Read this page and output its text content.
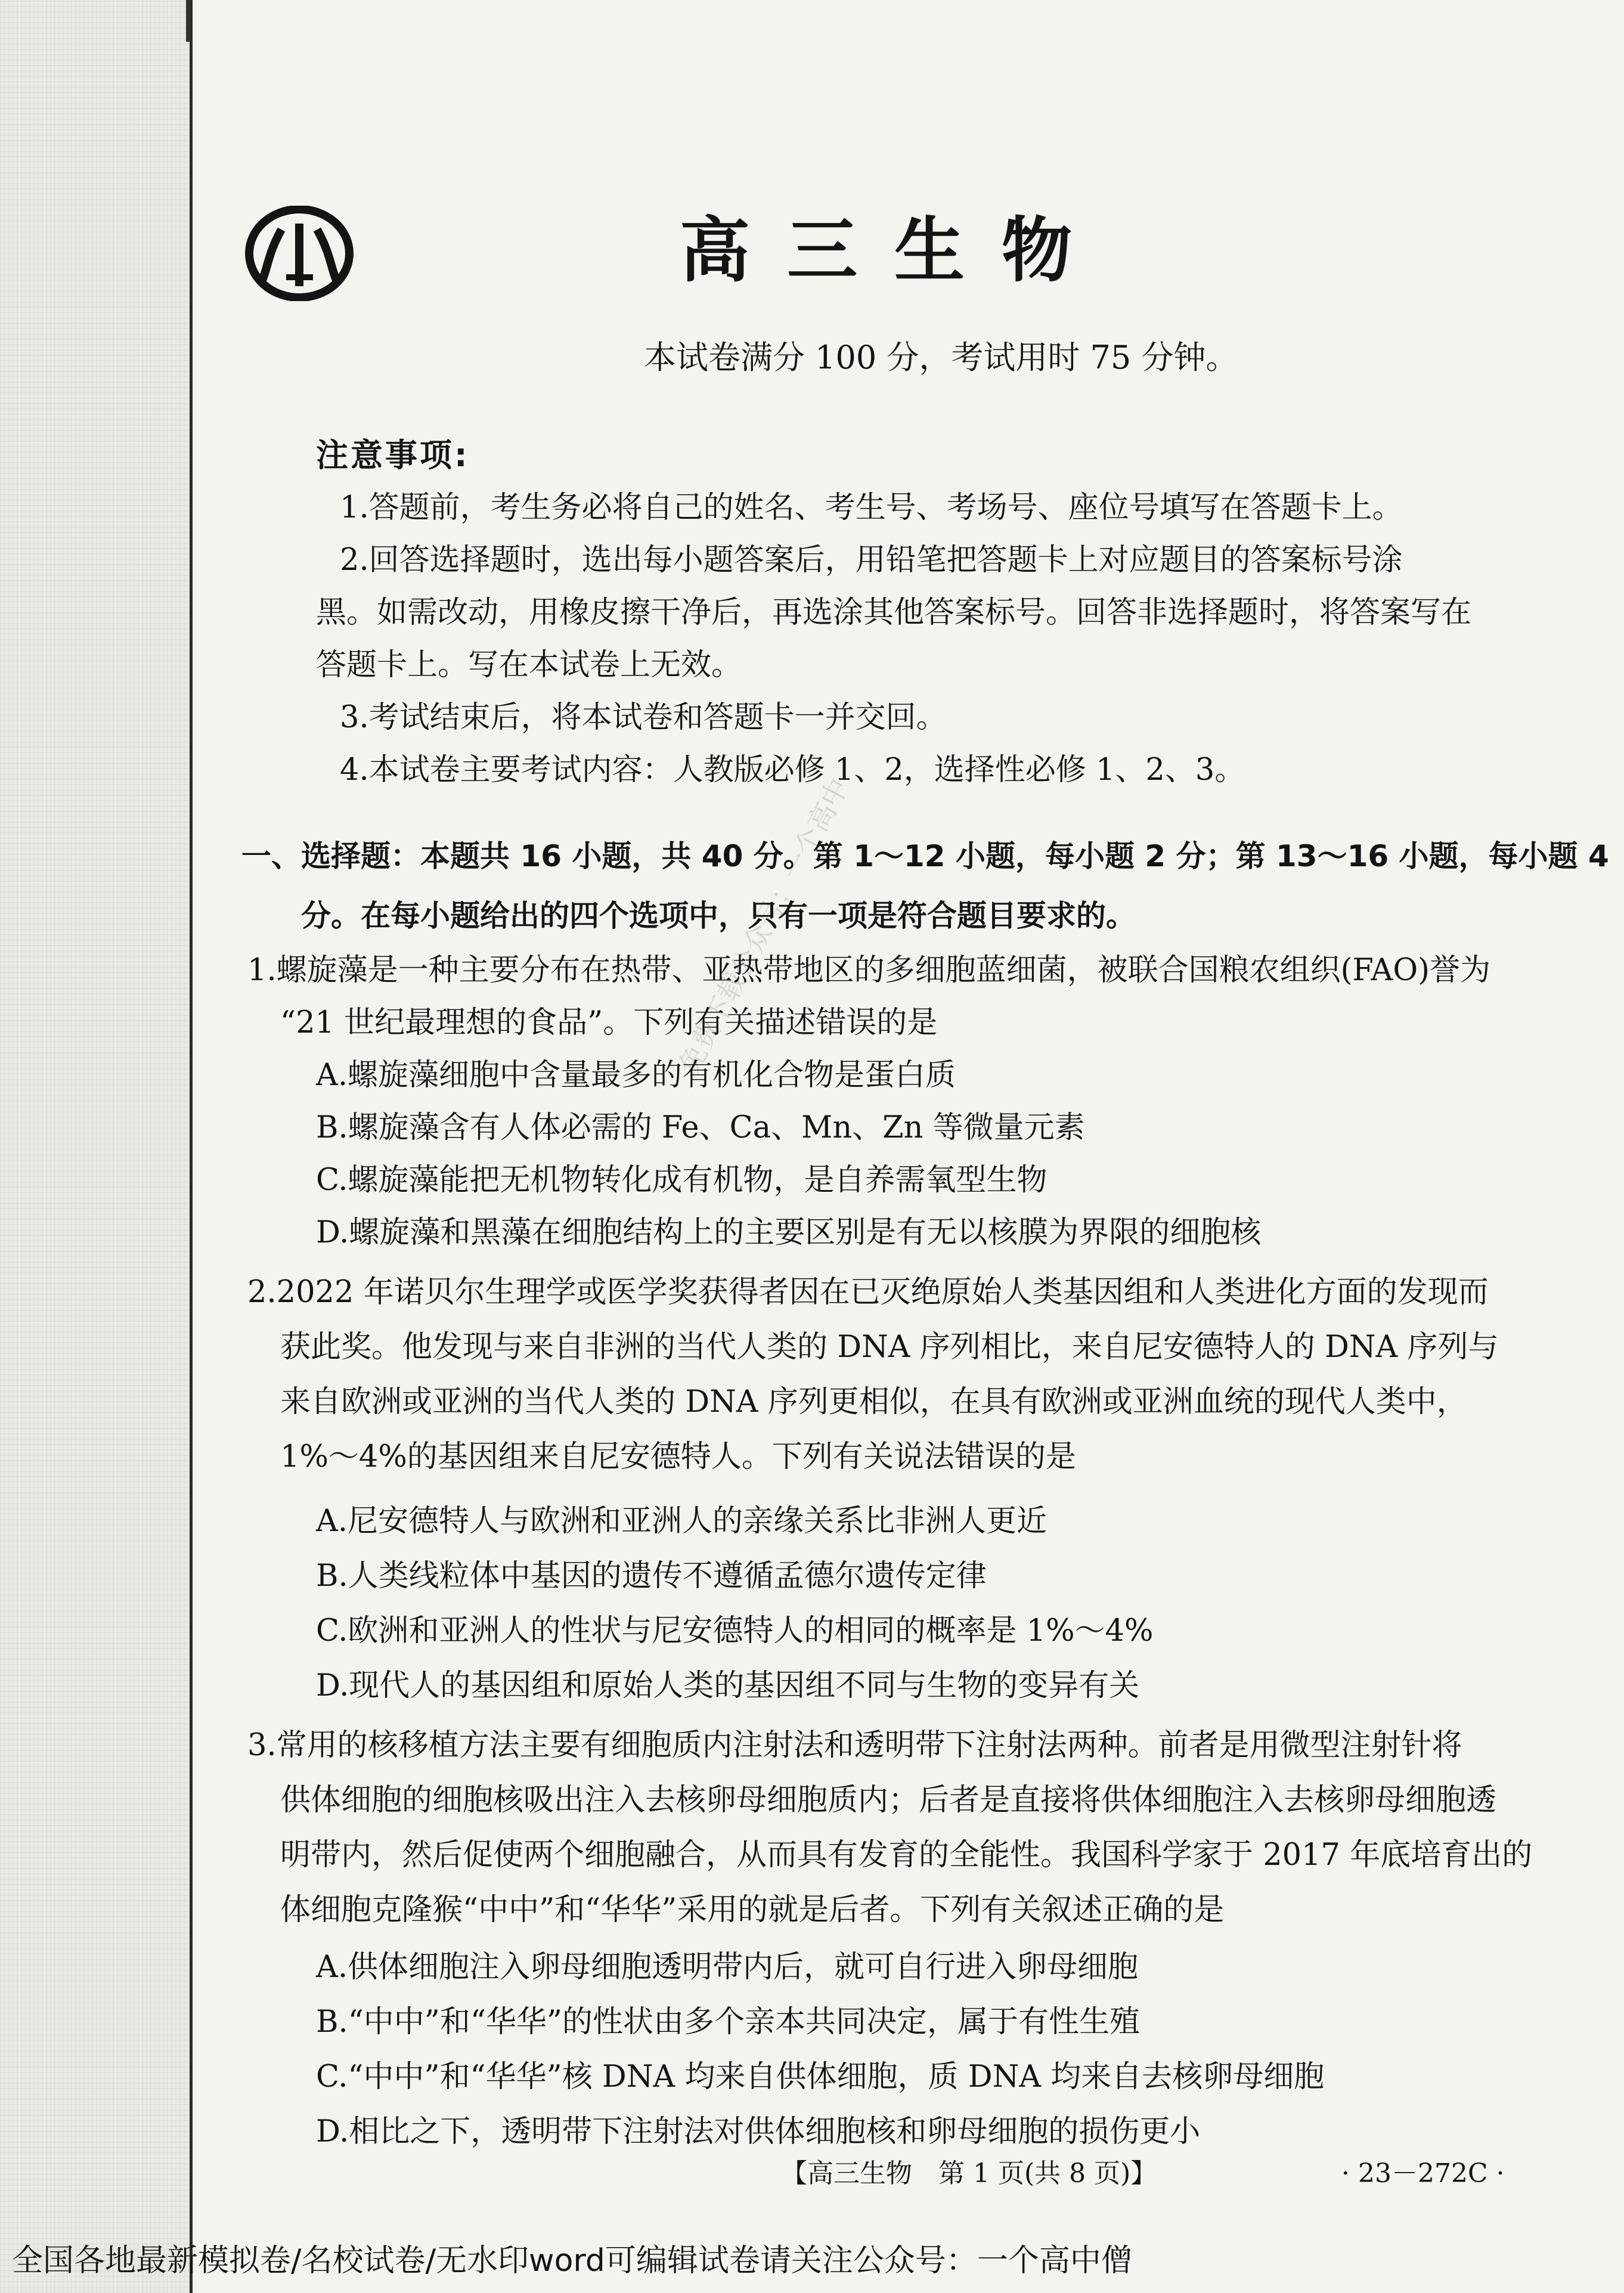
高三生物
本试卷满分 100 分，考试用时 75 分钟。
注意事项:
1.答题前，考生务必将自己的姓名、考生号、考场号、座位号填写在答题卡上。
2.回答选择题时，选出每小题答案后，用铅笔把答题卡上对应题目的答案标号涂
黑。如需改动，用橡皮擦干净后，再选涂其他答案标号。回答非选择题时，将答案写在
答题卡上。写在本试卷上无效。
3.考试结束后，将本试卷和答题卡一并交回。
4.本试卷主要考试内容：人教版必修 1、2，选择性必修 1、2、3。
一、选择题：本题共 16 小题，共 40 分。第 1～12 小题，每小题 2 分；第 13～16 小题，每小题 4
分。在每小题给出的四个选项中，只有一项是符合题目要求的。
1.螺旋藻是一种主要分布在热带、亚热带地区的多细胞蓝细菌，被联合国粮农组织(FAO)誉为
“21 世纪最理想的食品”。下列有关描述错误的是
A.螺旋藻细胞中含量最多的有机化合物是蛋白质
B.螺旋藻含有人体必需的 Fe、Ca、Mn、Zn 等微量元素
C.螺旋藻能把无机物转化成有机物，是自养需氧型生物
D.螺旋藻和黑藻在细胞结构上的主要区别是有无以核膜为界限的细胞核
2.2022 年诺贝尔生理学或医学奖获得者因在已灭绝原始人类基因组和人类进化方面的发现而
获此奖。他发现与来自非洲的当代人类的 DNA 序列相比，来自尼安德特人的 DNA 序列与
来自欧洲或亚洲的当代人类的 DNA 序列更相似，在具有欧洲或亚洲血统的现代人类中，
1%～4%的基因组来自尼安德特人。下列有关说法错误的是
A.尼安德特人与欧洲和亚洲人的亲缘关系比非洲人更近
B.人类线粒体中基因的遗传不遵循孟德尔遗传定律
C.欧洲和亚洲人的性状与尼安德特人的相同的概率是 1%～4%
D.现代人的基因组和原始人类的基因组不同与生物的变异有关
3.常用的核移植方法主要有细胞质内注射法和透明带下注射法两种。前者是用微型注射针将
供体细胞的细胞核吸出注入去核卵母细胞质内；后者是直接将供体细胞注入去核卵母细胞透
明带内，然后促使两个细胞融合，从而具有发育的全能性。我国科学家于 2017 年底培育出的
体细胞克隆猴“中中”和“华华”采用的就是后者。下列有关叙述正确的是
A.供体细胞注入卵母细胞透明带内后，就可自行进入卵母细胞
B.“中中”和“华华”的性状由多个亲本共同决定，属于有性生殖
C.“中中”和“华华”核 DNA 均来自供体细胞，质 DNA 均来自去核卵母细胞
D.相比之下，透明带下注射法对供体细胞核和卵母细胞的损伤更小
免费下载公众号：一个高中
【高三生物　第 1 页(共 8 页)】	· 23－272C ·
全国各地最新模拟卷/名校试卷/无水印word可编辑试卷请关注公众号：一个高中僧
